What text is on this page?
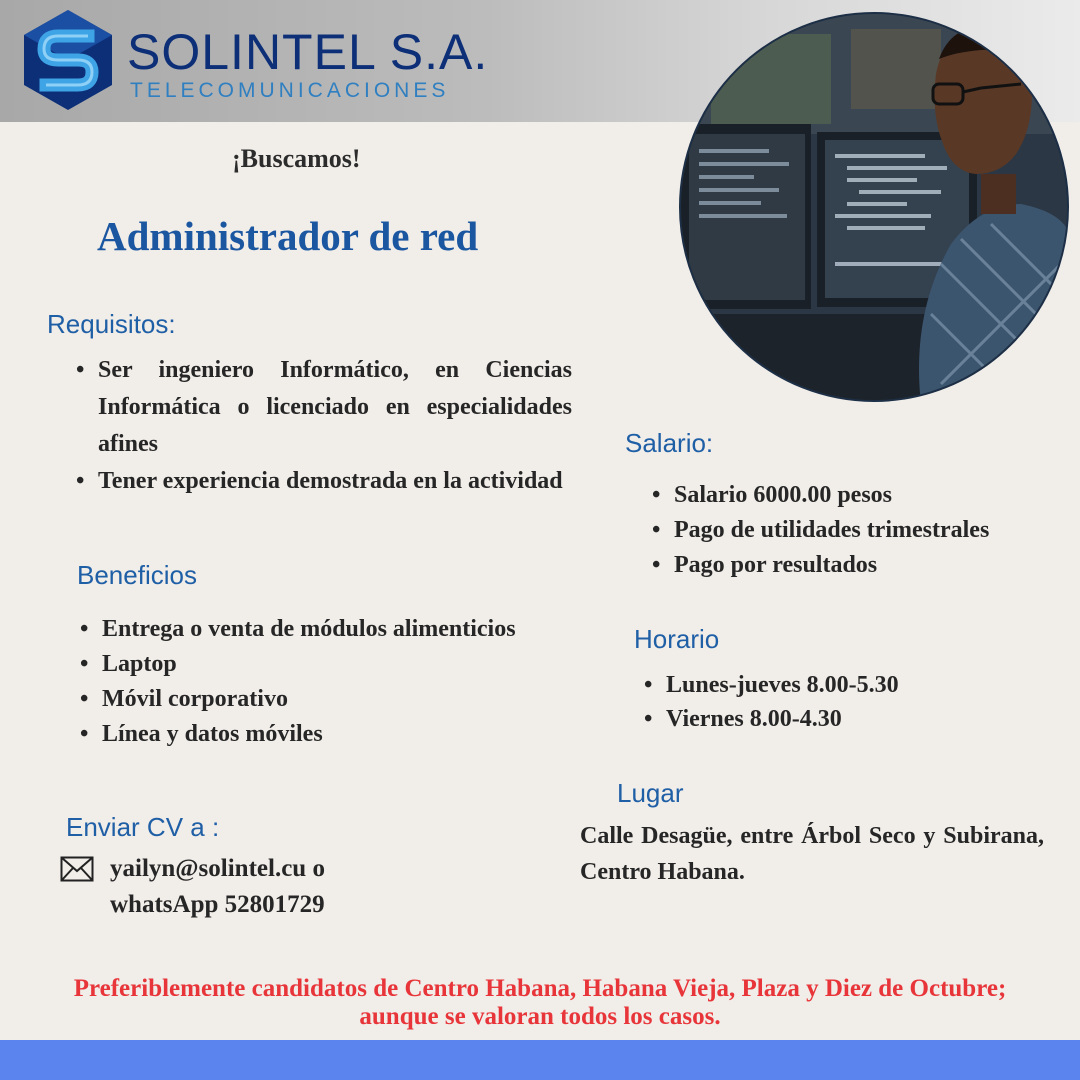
SOLINTEL S.A.
TELECOMUNICACIONES
¡Buscamos!
Administrador de red
Requisitos:
• Ser ingeniero Informático, en Ciencias Informática o licenciado en especialidades afines
• Tener experiencia demostrada en la actividad
Beneficios
• Entrega o venta de módulos alimenticios
• Laptop
• Móvil corporativo
• Línea y datos móviles
Enviar CV a :
yailyn@solintel.cu o whatsApp 52801729
Salario:
• Salario 6000.00 pesos
• Pago de utilidades trimestrales
• Pago por resultados
Horario
• Lunes-jueves 8.00-5.30
• Viernes 8.00-4.30
Lugar
Calle Desagüe, entre Árbol Seco y Subirana, Centro Habana.
Preferiblemente candidatos de Centro Habana, Habana Vieja, Plaza y Diez de Octubre; aunque se valoran todos los casos.
